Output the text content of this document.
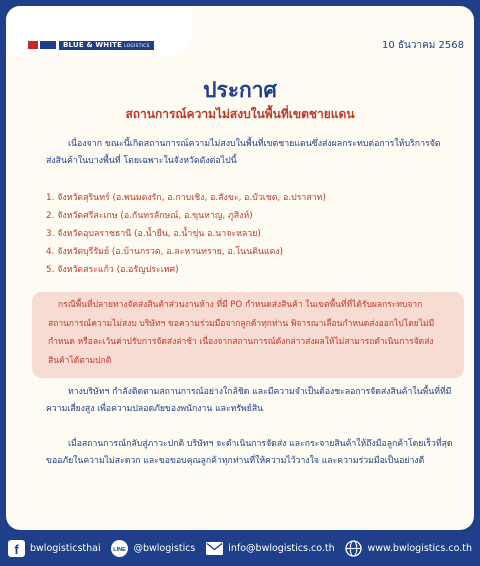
BLUE & WHITE LOGISTICS	10 ธันวาคม 2568
ประกาศ
สถานการณ์ความไม่สงบในพื้นที่เขตชายแดน

เนื่องจาก ขณะนี้เกิดสถานการณ์ความไม่สงบในพื้นที่เขตชายแดนซึ่งส่งผลกระทบต่อการให้บริการจัดส่งสินค้าในบางพื้นที่ โดยเฉพาะในจังหวัดดังต่อไปนี้

1. จังหวัดสุรินทร์ (อ.พนมดงรัก, อ.กาบเชิง, อ.สังขะ, อ.บัวเชด, อ.ปราสาท)
2. จังหวัดศรีสะเกษ (อ.กันทรลักษณ์, อ.ขุนหาญ, ภูสิงห์)
3. จังหวัดอุบลราชธานี (อ.น้ำยืน, อ.น้ำขุ่น อ.นาจะหลวย)
4. จังหวัดบุรีรัมย์ (อ.บ้านกรวด, อ.ละหานทราย, อ.โนนดินแดง)
5. จังหวัดสระแก้ว (อ.อรัญประเทศ)
กรณีพื้นที่ปลายทางจัดส่งสินค้าส่วนงานห้าง ที่มี PO กำหนดส่งสินค้า ในเขตพื้นที่ที่ได้รับผลกระทบจาก สถานการณ์ความไม่สงบ บริษัทฯ ขอความร่วมมือจากลูกค้าทุกท่าน พิจารณาเลื่อนกำหนดส่งออกไปโดยไม่มีกำหนด หรือละเว้นค่าปรับการจัดส่งล่าช้า เนื่องจากสถานการณ์ดังกล่าวส่งผลให้ไม่สามารถดำเนินการจัดส่งสินค้าได้ตามปกติ

ทางบริษัทฯ กำลังติดตามสถานการณ์อย่างใกล้ชิด และมีความจำเป็นต้องชะลอการจัดส่งสินค้าในพื้นที่ที่มีความเสี่ยงสูง เพื่อความปลอดภัยของพนักงาน และทรัพย์สิน

เมื่อสถานการณ์กลับสู่ภาวะปกติ บริษัทฯ จะดำเนินการจัดส่ง และกระจายสินค้าให้ถึงมือลูกค้าโดยเร็วที่สุด ขออภัยในความไม่สะดวก และขอขอบคุณลูกค้าทุกท่านที่ให้ความไว้วางใจ และความร่วมมือเป็นอย่างดี

f bwlogisticsthai LINE @bwlogistics	info@bwlogistics.co.th	www.bwlogistics.co.th
